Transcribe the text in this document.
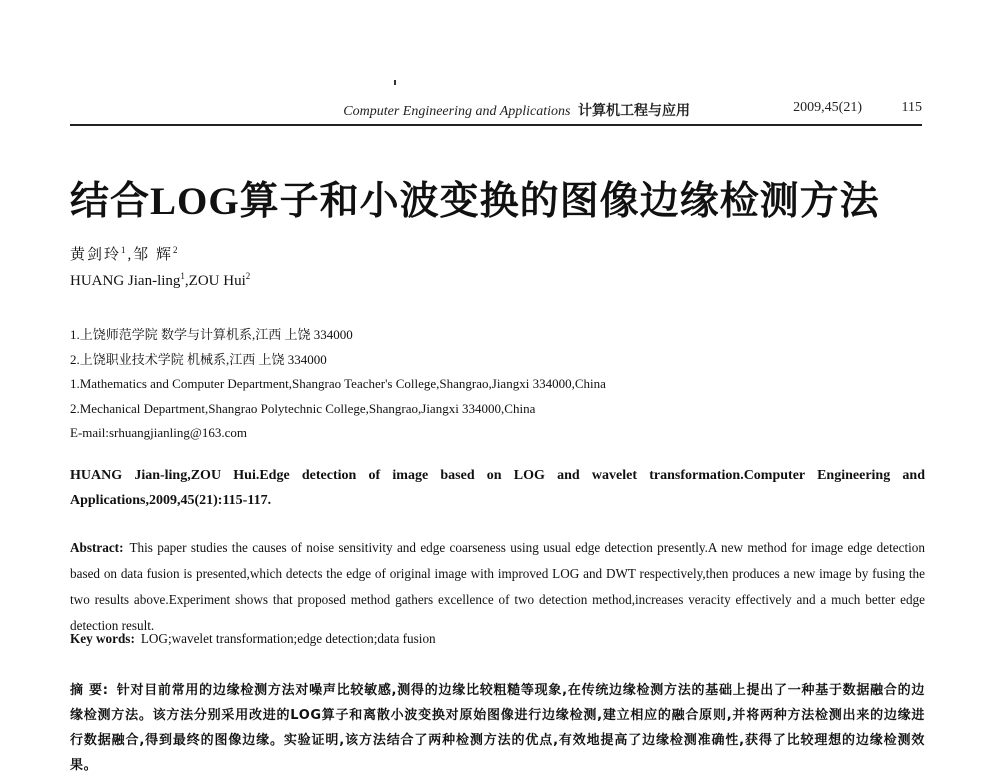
Computer Engineering and Applications 计算机工程与应用	2009,45(21)	115
结合LOG算子和小波变换的图像边缘检测方法
黄剑玲$^1$,邹 辉$^2$
HUANG Jian-ling$^1$,ZOU Hui$^2$
1.上饶师范学院 数学与计算机系,江西 上饶 334000
2.上饶职业技术学院 机械系,江西 上饶 334000
1.Mathematics and Computer Department,Shangrao Teacher's College,Shangrao,Jiangxi 334000,China
2.Mechanical Department,Shangrao Polytechnic College,Shangrao,Jiangxi 334000,China
E-mail:srhuangjianling@163.com
HUANG Jian-ling,ZOU Hui.Edge detection of image based on LOG and wavelet transformation.Computer Engineering and Applications,2009,45(21):115-117.
Abstract: This paper studies the causes of noise sensitivity and edge coarseness using usual edge detection presently.A new method for image edge detection based on data fusion is presented,which detects the edge of original image with improved LOG and DWT respectively,then produces a new image by fusing the two results above.Experiment shows that proposed method gathers excellence of two detection method,increases veracity effectively and a much better edge detection result.
Key words: LOG;wavelet transformation;edge detection;data fusion
摘 要: 针对目前常用的边缘检测方法对噪声比较敏感,测得的边缘比较粗糙等现象,在传统边缘检测方法的基础上提出了一种基于数据融合的边缘检测方法。该方法分别采用改进的LOG算子和离散小波变换对原始图像进行边缘检测,建立相应的融合原则,并将两种方法检测出来的边缘进行数据融合,得到最终的图像边缘。实验证明,该方法结合了两种检测方法的优点,有效地提高了边缘检测准确性,获得了比较理想的边缘检测效果。
